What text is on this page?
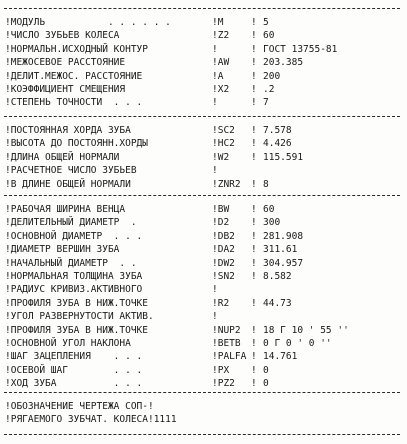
!МОДУЛЬ           . . . . . .	!M	! 5
!ЧИСЛО ЗУБЬЕВ КОЛЕСА	!Z2 ! 60
!НОРМАЛЬН.ИСХОДНЫЙ КОНТУР	!	! ГОСТ 13755-81
!МЕЖОСЕВОЕ РАССТОЯНИЕ	!AW ! 203.385
!ДЕЛИТ.МЕЖОС. РАССТОЯНИЕ	!A	! 200
!КОЭФФИЦИЕНТ СМЕЩЕНИЯ	!X2 ! .2
!СТЕПЕНЬ ТОЧНОСТИ  . . .	!	! 7
!ПОСТОЯННАЯ ХОРДА ЗУБА	!SC2 ! 7.578
!ВЫСОТА ДО ПОСТОЯНН.ХОРДЫ	!HC2 ! 4.426
!ДЛИНА ОБЩЕЙ НОРМАЛИ	!W2 ! 115.591
!РАСЧЕТНОЕ ЧИСЛО ЗУБЬЕВ	!
!В ДЛИНЕ ОБЩЕЙ НОРМАЛИ	!ZNR2 ! 8
!РАБОЧАЯ ШИРИНА ВЕНЦА	!BW ! 60
!ДЕЛИТЕЛЬНЫЙ ДИАМЕТР  .	!D2 ! 300
!ОСНОВНОЙ ДИАМЕТР  . . .	!DB2 ! 281.908
!ДИАМЕТР ВЕРШИН ЗУБА	!DA2 ! 311.61
!НАЧАЛЬНЫЙ ДИАМЕТР  . .	!DW2 ! 304.957
!НОРМАЛЬНАЯ ТОЛЩИНА ЗУБА	!SN2 ! 8.582
!РАДИУС КРИВИЗ.АКТИВНОГО	!
!ПРОФИЛЯ ЗУБА В НИЖ.ТОЧКЕ	!R2 ! 44.73
!УГОЛ РАЗВЕРНУТОСТИ АКТИВ.	!
!ПРОФИЛЯ ЗУБА В НИЖ.ТОЧКЕ	!NUP2 ! 18 Г 10 ' 55 ''
!ОСНОВНОЙ УГОЛ НАКЛОНА	!BETB ! 0 Г 0 ' 0 ''
!ШАГ ЗАЦЕПЛЕНИЯ    . . .	!PALFA ! 14.761
!ОСЕВОЙ ШАГ        . . .	!PX ! 0
!ХОД ЗУБА          . . .	!PZ2 ! 0
!ОБОЗНАЧЕНИЕ ЧЕРТЕЖА СОП-!
!РЯГАЕМОГО ЗУБЧАТ. КОЛЕСА!1111
